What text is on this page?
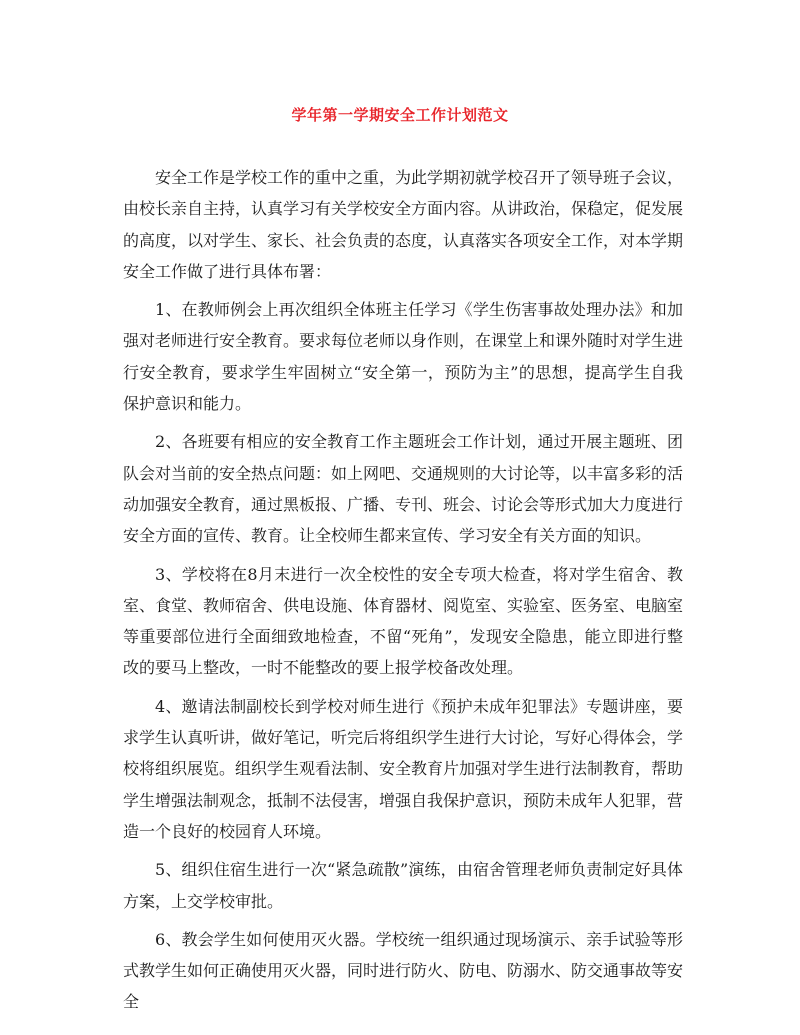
学年第一学期安全工作计划范文

安全工作是学校工作的重中之重，为此学期初就学校召开了领导班子会议，由校长亲自主持，认真学习有关学校安全方面内容。从讲政治，保稳定，促发展的高度，以对学生、家长、社会负责的态度，认真落实各项安全工作，对本学期安全工作做了进行具体布署：

1、在教师例会上再次组织全体班主任学习《学生伤害事故处理办法》和加强对老师进行安全教育。要求每位老师以身作则，在课堂上和课外随时对学生进行安全教育，要求学生牢固树立“安全第一，预防为主”的思想，提高学生自我保护意识和能力。

2、各班要有相应的安全教育工作主题班会工作计划，通过开展主题班、团队会对当前的安全热点问题：如上网吧、交通规则的大讨论等，以丰富多彩的活动加强安全教育，通过黑板报、广播、专刊、班会、讨论会等形式加大力度进行安全方面的宣传、教育。让全校师生都来宣传、学习安全有关方面的知识。

3、学校将在8月末进行一次全校性的安全专项大检查，将对学生宿舍、教室、食堂、教师宿舍、供电设施、体育器材、阅览室、实验室、医务室、电脑室等重要部位进行全面细致地检查，不留“死角”，发现安全隐患，能立即进行整改的要马上整改，一时不能整改的要上报学校备改处理。

4、邀请法制副校长到学校对师生进行《预护未成年犯罪法》专题讲座，要求学生认真听讲，做好笔记，听完后将组织学生进行大讨论，写好心得体会，学校将组织展览。组织学生观看法制、安全教育片加强对学生进行法制教育，帮助学生增强法制观念，抵制不法侵害，增强自我保护意识，预防未成年人犯罪，营造一个良好的校园育人环境。

5、组织住宿生进行一次“紧急疏散”演练，由宿舍管理老师负责制定好具体方案，上交学校审批。

6、教会学生如何使用灭火器。学校统一组织通过现场演示、亲手试验等形式教学生如何正确使用灭火器，同时进行防火、防电、防溺水、防交通事故等安全
